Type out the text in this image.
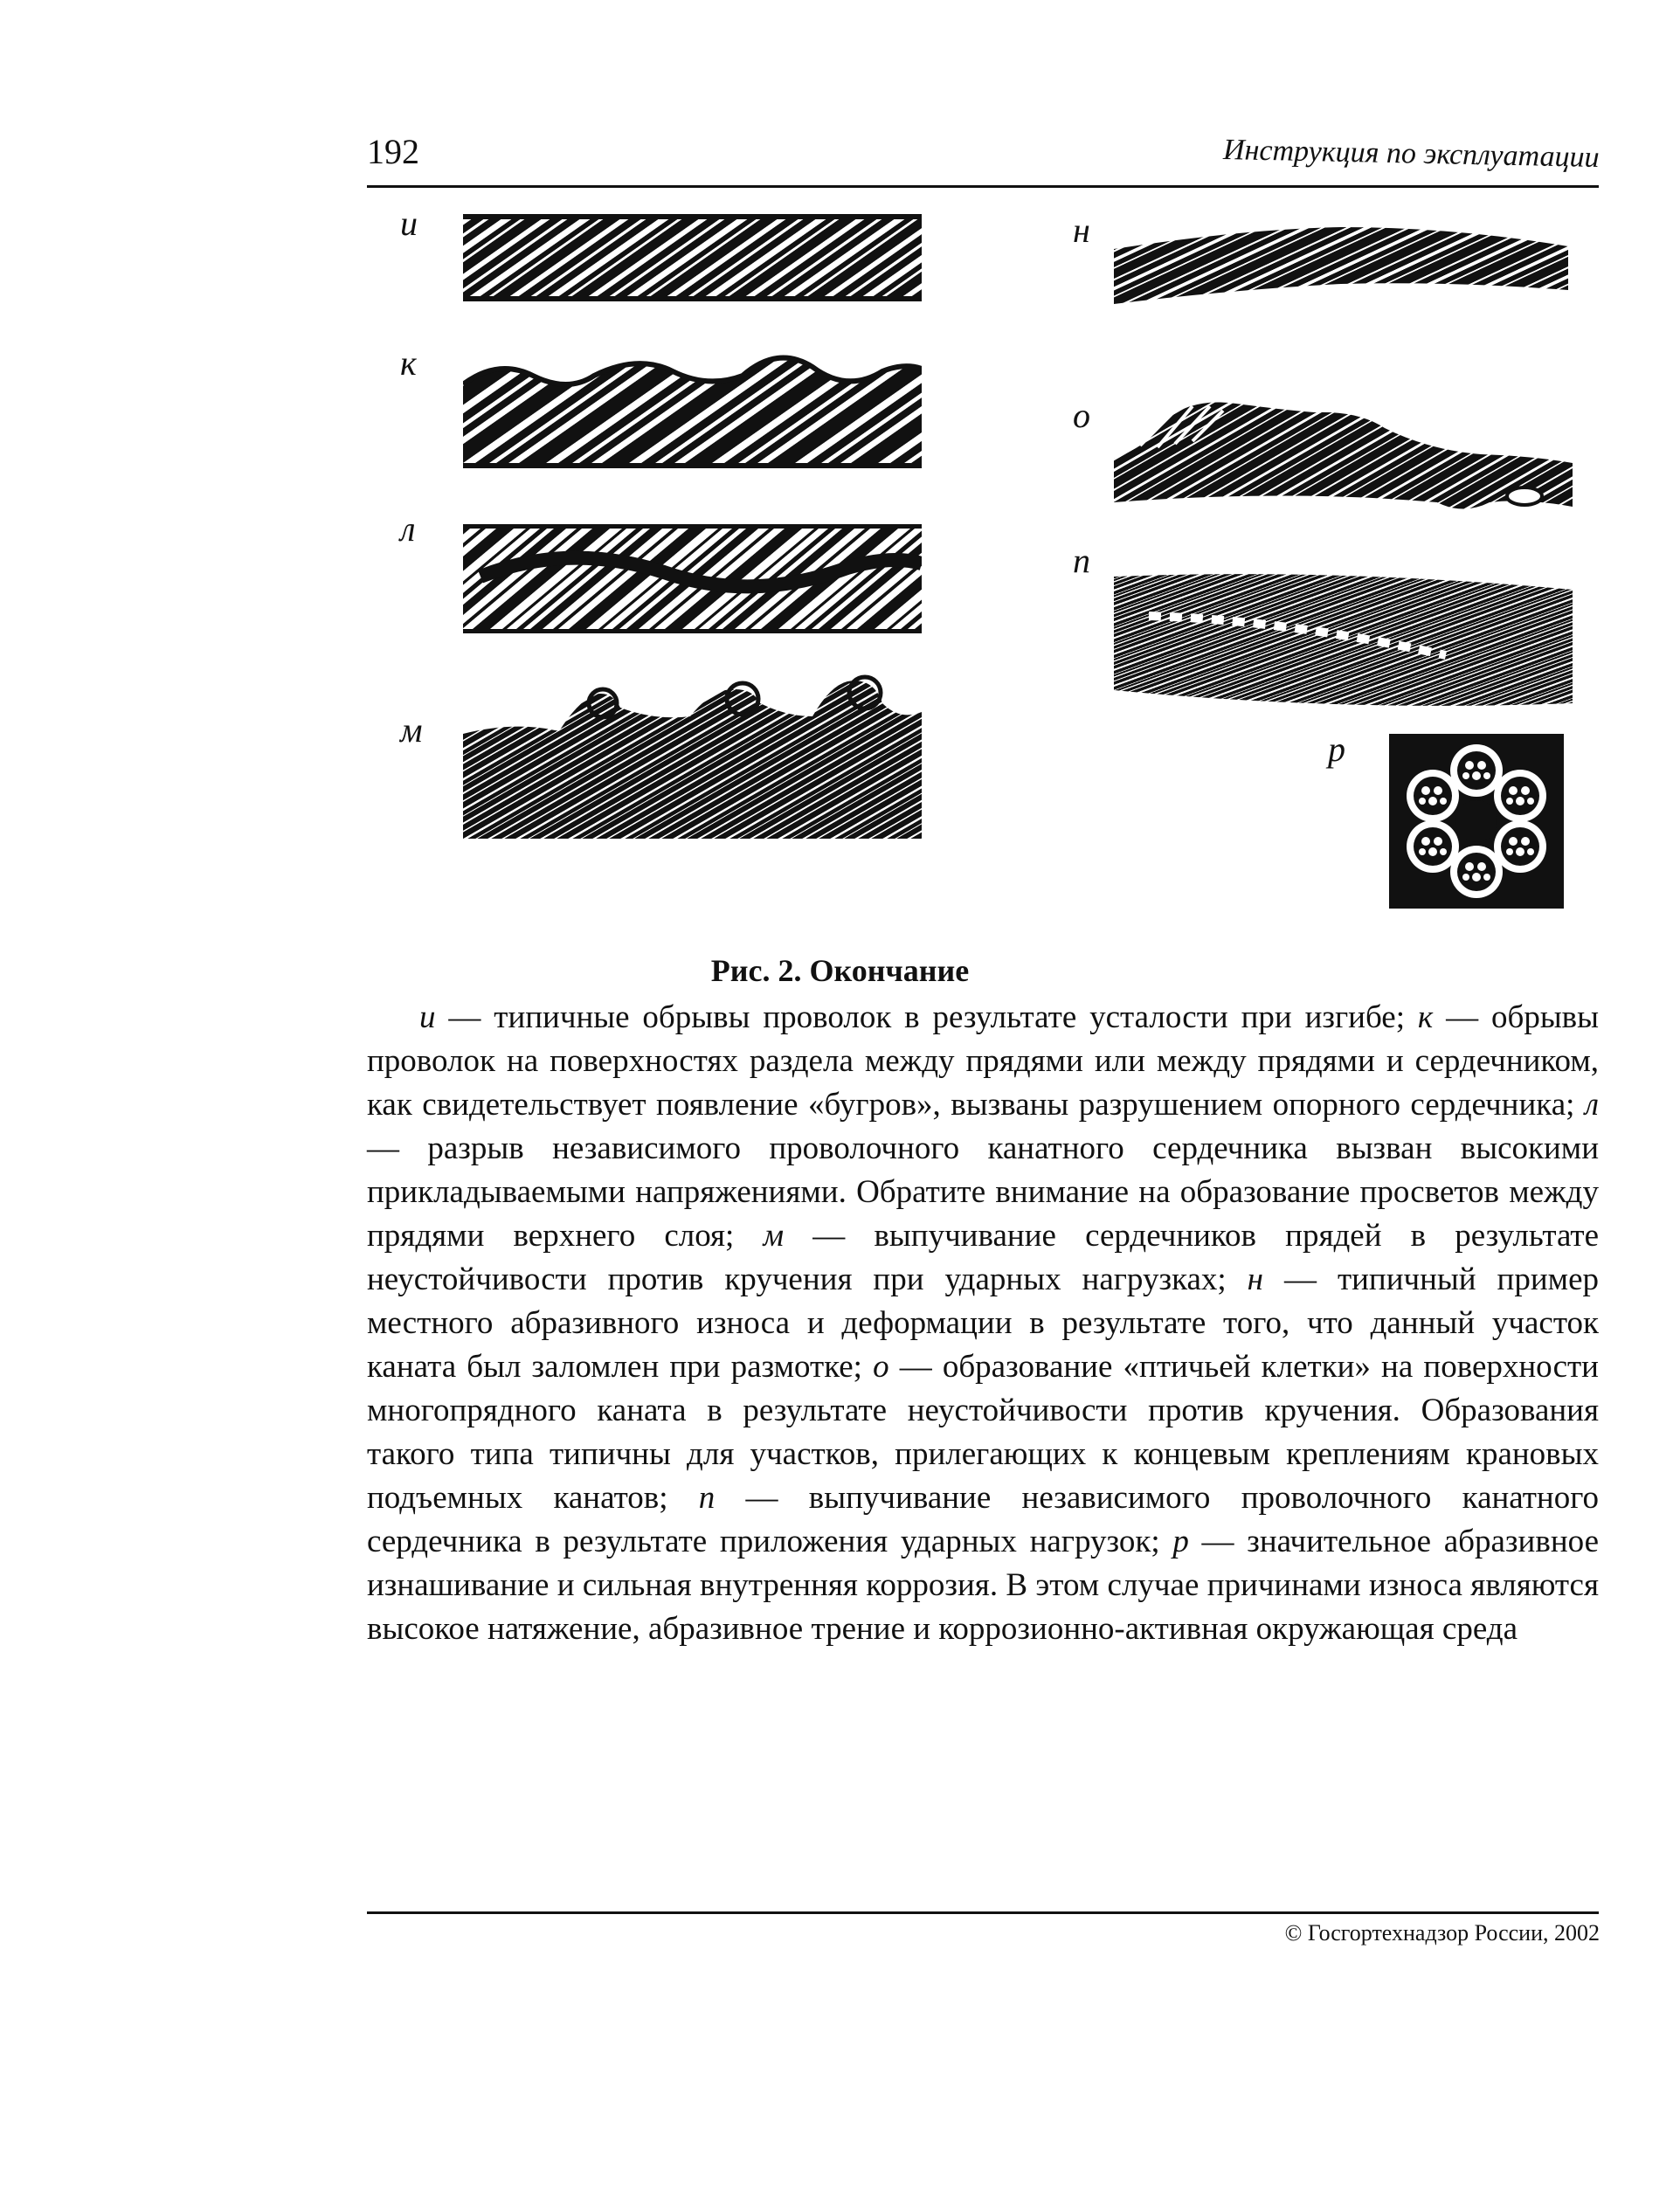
192	Инструкция по эксплуатации
и
к
л
м
н
о
п
р
Рис. 2. Окончание

и — типичные обрывы проволок в результате усталости при изгибе; к — обрывы проволок на поверхностях раздела между прядями или между прядями и сердечником, как свидетельствует появление «бугров», вызваны разрушением опорного сердечника; л — разрыв независимого проволочного канатного сердечника вызван высокими прикладываемыми напряжениями. Обратите внимание на образование просветов между прядями верхнего слоя; м — выпучивание сердечников прядей в результате неустойчивости против кручения при ударных нагрузках; н — типичный пример местного абразивного износа и деформации в результате того, что данный участок каната был заломлен при размотке; о — образование «птичьей клетки» на поверхности многопрядного каната в результате неустойчивости против кручения. Образования такого типа типичны для участков, прилегающих к концевым креплениям крановых подъемных канатов; п — выпучивание независимого проволочного канатного сердечника в результате приложения ударных нагрузок; р — значительное абразивное изнашивание и сильная внутренняя коррозия. В этом случае причинами износа являются высокое натяжение, абразивное трение и коррозионно-активная окружающая среда

© Госгортехнадзор России, 2002
